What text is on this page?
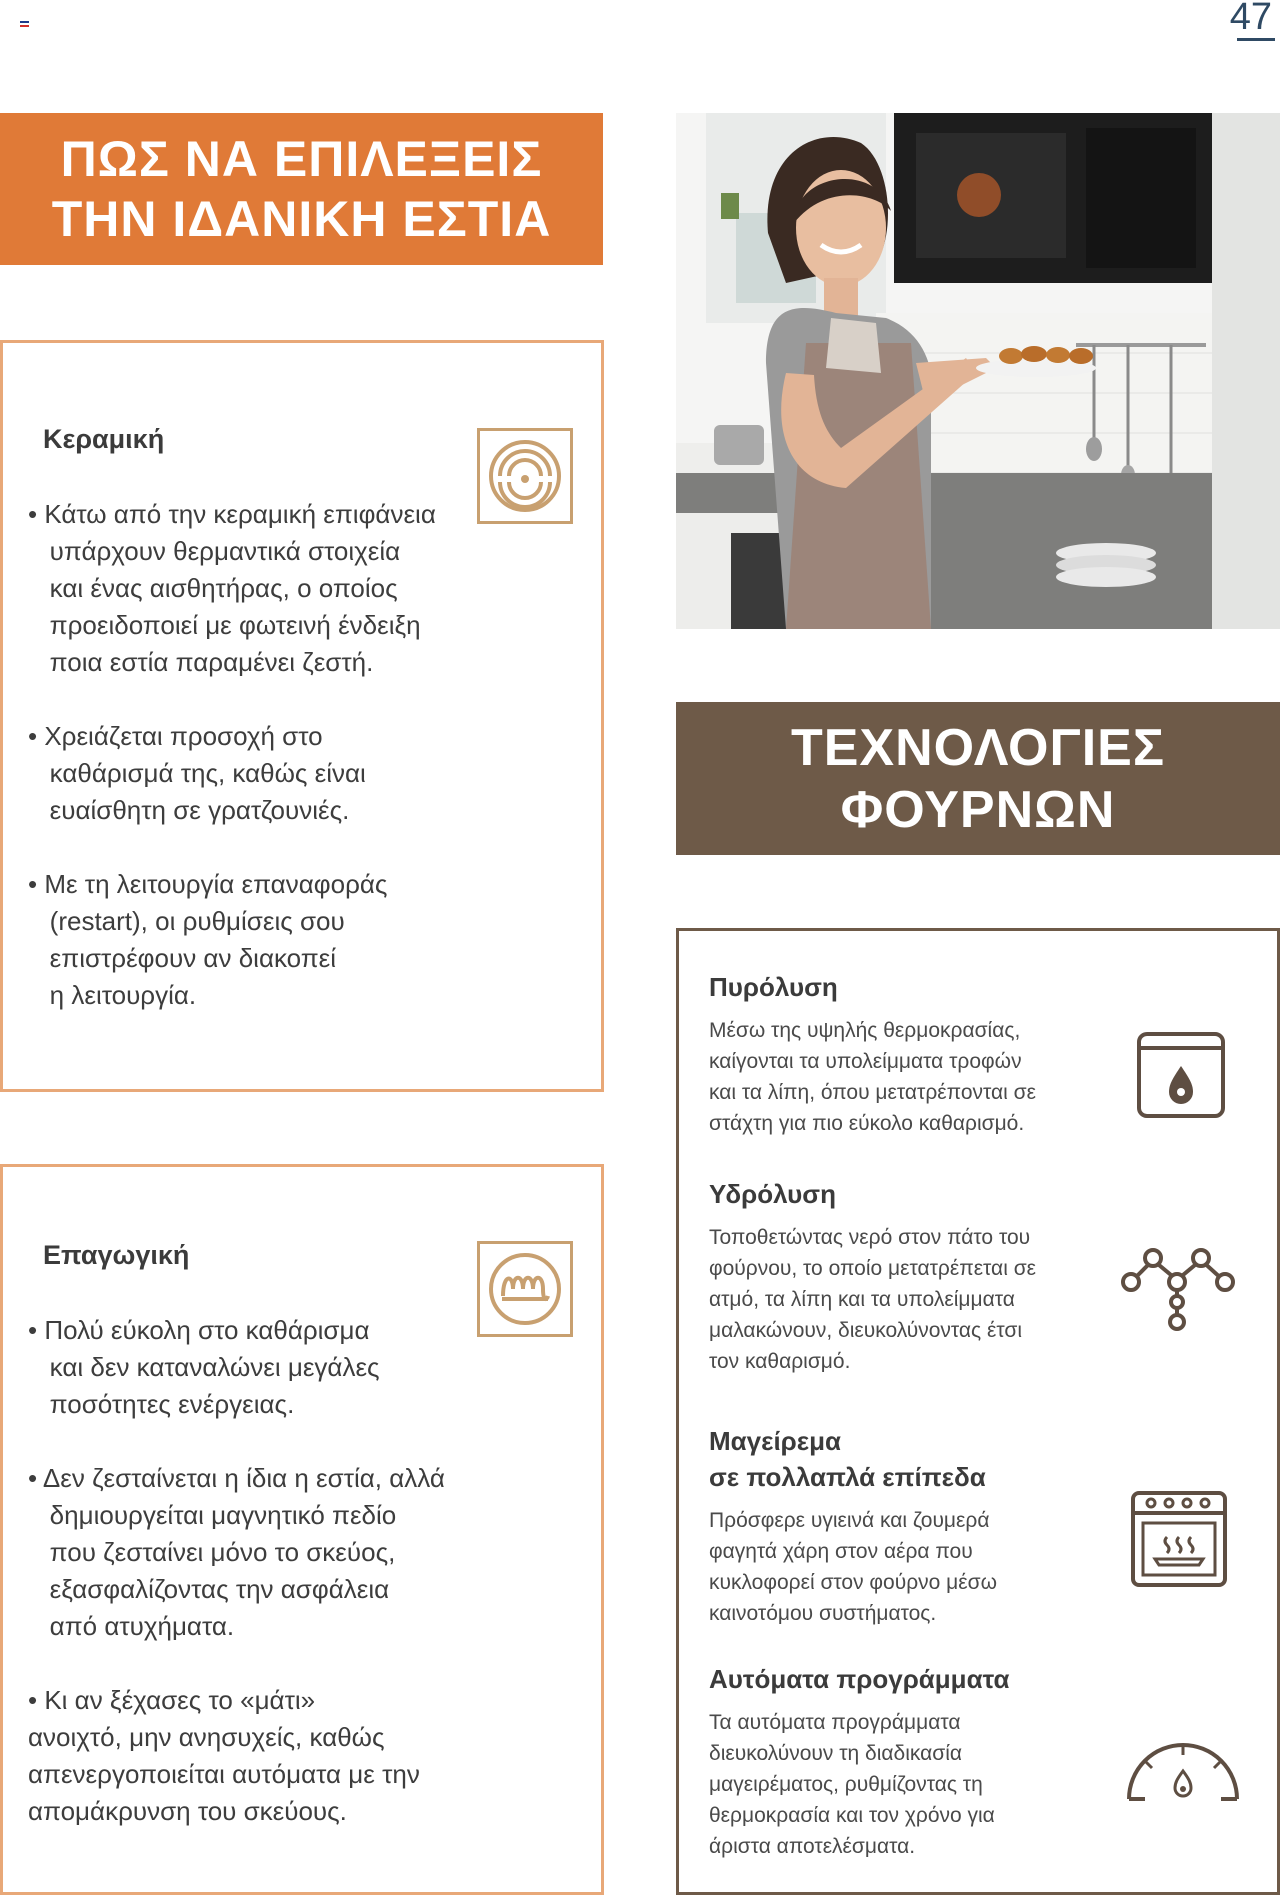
47
ΠΩΣ ΝΑ ΕΠΙΛΕΞΕΙΣ
ΤΗΝ ΙΔΑΝΙΚΗ ΕΣΤΙΑ
Κεραμική
• Κάτω από την κεραμική επιφάνεια
υπάρχουν θερμαντικά στοιχεία
και ένας αισθητήρας, ο οποίος
προειδοποιεί με φωτεινή ένδειξη
ποια εστία παραμένει ζεστή.
• Χρειάζεται προσοχή στο
καθάρισμά της, καθώς είναι
ευαίσθητη σε γρατζουνιές.
• Με τη λειτουργία επαναφοράς
(restart), οι ρυθμίσεις σου
επιστρέφουν αν διακοπεί
η λειτουργία.
Επαγωγική
• Πολύ εύκολη στο καθάρισμα
και δεν καταναλώνει μεγάλες
ποσότητες ενέργειας.
• Δεν ζεσταίνεται η ίδια η εστία, αλλά
δημιουργείται μαγνητικό πεδίο
που ζεσταίνει μόνο το σκεύος,
εξασφαλίζοντας την ασφάλεια
από ατυχήματα.
• Κι αν ξέχασες το «μάτι»
ανοιχτό, μην ανησυχείς, καθώς
απενεργοποιείται αυτόματα με την
απομάκρυνση του σκεύους.
ΤΕΧΝΟΛΟΓΙΕΣ
ΦΟΥΡΝΩΝ
Πυρόλυση
Μέσω της υψηλής θερμοκρασίας,
καίγονται τα υπολείμματα τροφών
και τα λίπη, όπου μετατρέπονται σε
στάχτη για πιο εύκολο καθαρισμό.
Υδρόλυση
Τοποθετώντας νερό στον πάτο του
φούρνου, το οποίο μετατρέπεται σε
ατμό, τα λίπη και τα υπολείμματα
μαλακώνουν, διευκολύνοντας έτσι
τον καθαρισμό.
Μαγείρεμα
σε πολλαπλά επίπεδα
Πρόσφερε υγιεινά και ζουμερά
φαγητά χάρη στον αέρα που
κυκλοφορεί στον φούρνο μέσω
καινοτόμου συστήματος.
Αυτόματα προγράμματα
Τα αυτόματα προγράμματα
διευκολύνουν τη διαδικασία
μαγειρέματος, ρυθμίζοντας τη
θερμοκρασία και τον χρόνο για
άριστα αποτελέσματα.
